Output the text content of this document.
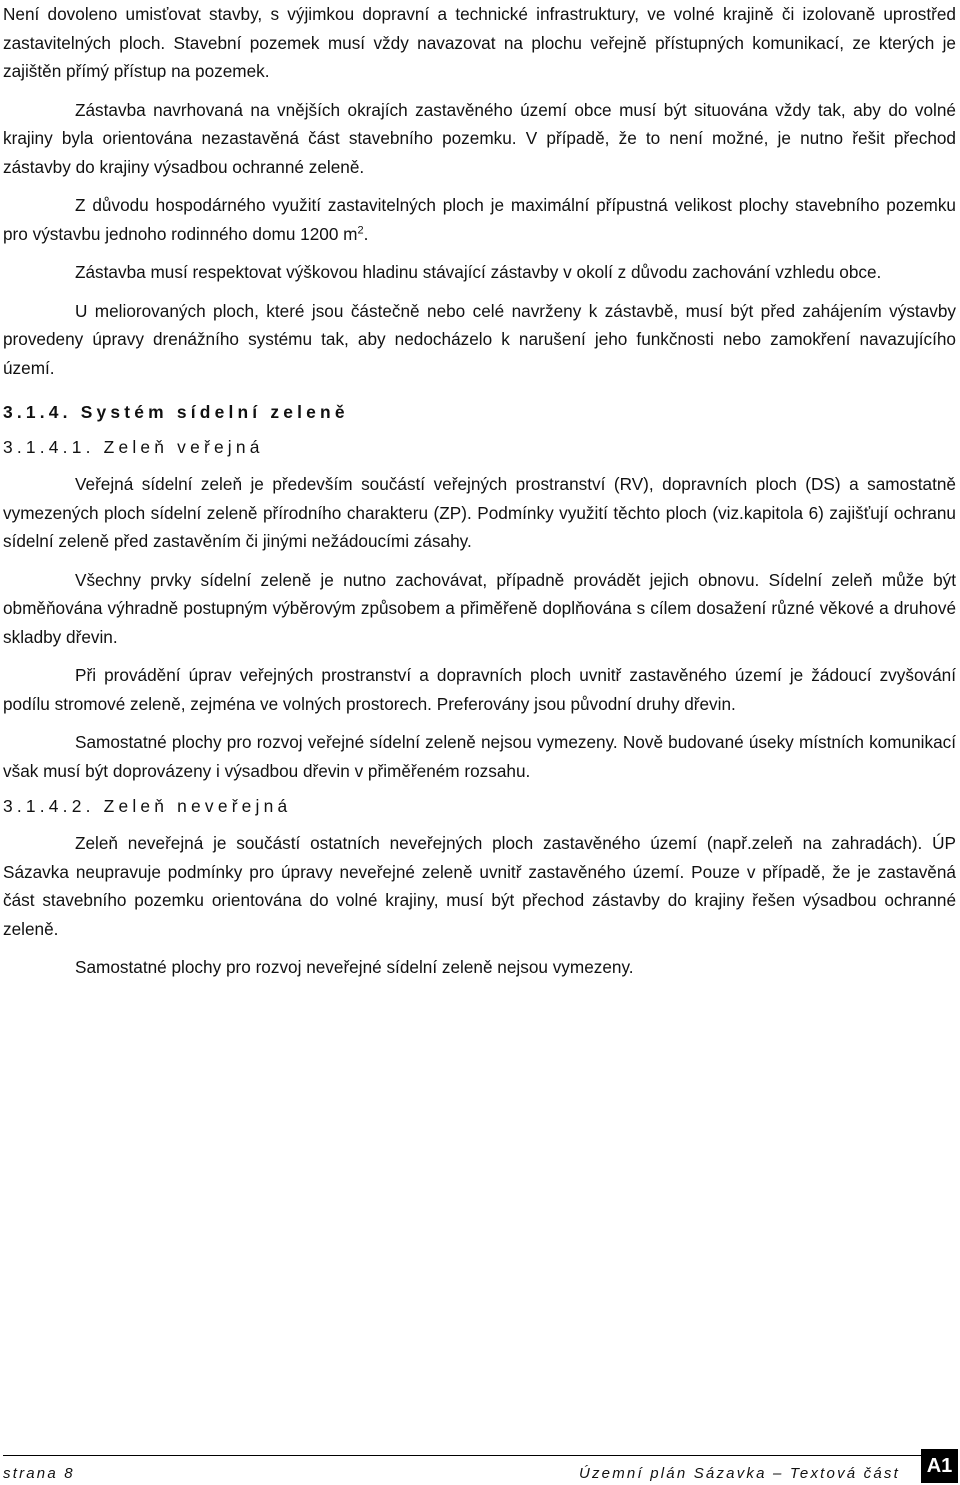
Není dovoleno umisťovat stavby, s výjimkou dopravní a technické infrastruktury, ve volné krajině či izolovaně uprostřed zastavitelných ploch. Stavební pozemek musí vždy navazovat na plochu veřejně přístupných komunikací, ze kterých je zajištěn přímý přístup na pozemek.

Zástavba navrhovaná na vnějších okrajích zastavěného území obce musí být situována vždy tak, aby do volné krajiny byla orientována nezastavěná část stavebního pozemku. V případě, že to není možné, je nutno řešit přechod zástavby do krajiny výsadbou ochranné zeleně.

Z důvodu hospodárného využití zastavitelných ploch je maximální přípustná velikost plochy stavebního pozemku pro výstavbu jednoho rodinného domu 1200 $m^2$.

Zástavba musí respektovat výškovou hladinu stávající zástavby v okolí z důvodu zachování vzhledu obce.

U meliorovaných ploch, které jsou částečně nebo celé navrženy k zástavbě, musí být před zahájením výstavby provedeny úpravy drenážního systému tak, aby nedocházelo k narušení jeho funkčnosti nebo zamokření navazujícího území.

3.1.4. Systém sídelní zeleně
3.1.4.1. Zeleň veřejná

Veřejná sídelní zeleň je především součástí veřejných prostranství (RV), dopravních ploch (DS) a samostatně vymezených ploch sídelní zeleně přírodního charakteru (ZP). Podmínky využití těchto ploch (viz.kapitola 6) zajišťují ochranu sídelní zeleně před zastavěním či jinými nežádoucími zásahy.

Všechny prvky sídelní zeleně je nutno zachovávat, případně provádět jejich obnovu. Sídelní zeleň může být obměňována výhradně postupným výběrovým způsobem a přiměřeně doplňována s cílem dosažení různé věkové a druhové skladby dřevin.

Při provádění úprav veřejných prostranství a dopravních ploch uvnitř zastavěného území je žádoucí zvyšování podílu stromové zeleně, zejména ve volných prostorech. Preferovány jsou původní druhy dřevin.

Samostatné plochy pro rozvoj veřejné sídelní zeleně nejsou vymezeny. Nově budované úseky místních komunikací však musí být doprovázeny i výsadbou dřevin v přiměřeném rozsahu.

3.1.4.2. Zeleň neveřejná

Zeleň neveřejná je součástí ostatních neveřejných ploch zastavěného území (např.zeleň na zahradách). ÚP Sázavka neupravuje podmínky pro úpravy neveřejné zeleně uvnitř zastavěného území. Pouze v případě, že je zastavěná část stavebního pozemku orientována do volné krajiny, musí být přechod zástavby do krajiny řešen výsadbou ochranné zeleně.

Samostatné plochy pro rozvoj neveřejné sídelní zeleně nejsou vymezeny.

strana 8	Územní plán Sázavka – Textová část A1
